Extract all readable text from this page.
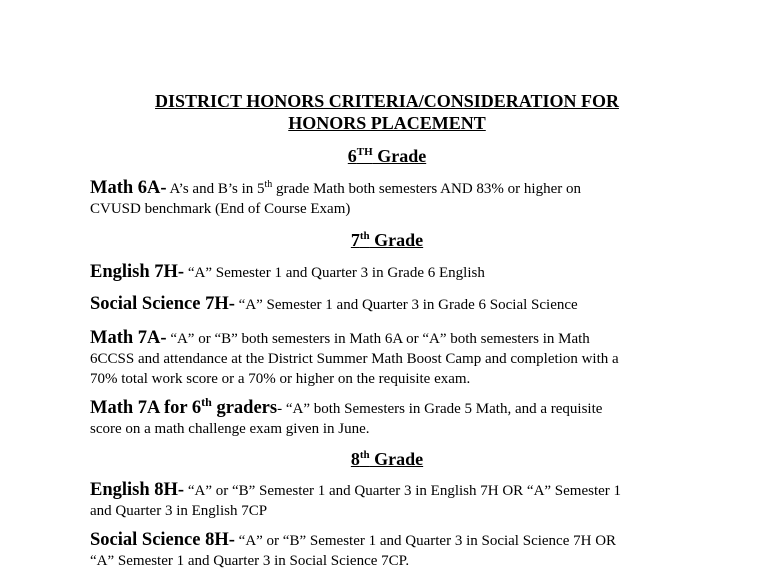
DISTRICT HONORS CRITERIA/CONSIDERATION FOR
HONORS PLACEMENT
6TH Grade
Math 6A- A’s and B’s in 5th grade Math both semesters AND 83% or higher on
CVUSD benchmark (End of Course Exam)
7th Grade
English 7H- “A” Semester 1 and Quarter 3 in Grade 6 English
Social Science 7H- “A” Semester 1 and Quarter 3 in Grade 6 Social Science
Math 7A- “A” or “B” both semesters in Math 6A or “A” both semesters in Math
6CCSS and attendance at the District Summer Math Boost Camp and completion with a
70% total work score or a 70% or higher on the requisite exam.
Math 7A for 6th graders- “A” both Semesters in Grade 5 Math, and a requisite
score on a math challenge exam given in June.
8th Grade
English 8H- “A” or “B” Semester 1 and Quarter 3 in English 7H OR “A” Semester 1
and Quarter 3 in English 7CP
Social Science 8H- “A” or “B” Semester 1 and Quarter 3 in Social Science 7H OR
“A” Semester 1 and Quarter 3 in Social Science 7CP.
